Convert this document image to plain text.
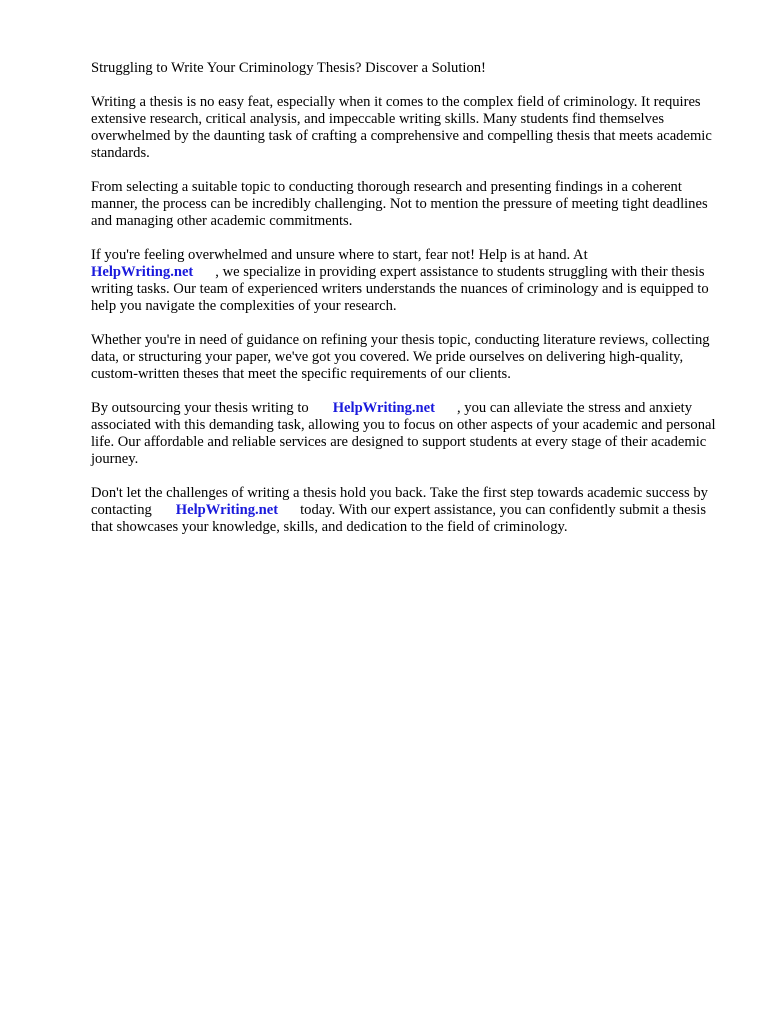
Struggling to Write Your Criminology Thesis? Discover a Solution!

Writing a thesis is no easy feat, especially when it comes to the complex field of criminology. It requires extensive research, critical analysis, and impeccable writing skills. Many students find themselves overwhelmed by the daunting task of crafting a comprehensive and compelling thesis that meets academic standards.

From selecting a suitable topic to conducting thorough research and presenting findings in a coherent manner, the process can be incredibly challenging. Not to mention the pressure of meeting tight deadlines and managing other academic commitments.

If you're feeling overwhelmed and unsure where to start, fear not! Help is at hand. At
HelpWriting.net , we specialize in providing expert assistance to students struggling with their thesis writing tasks. Our team of experienced writers understands the nuances of criminology and is equipped to help you navigate the complexities of your research.

Whether you're in need of guidance on refining your thesis topic, conducting literature reviews, collecting data, or structuring your paper, we've got you covered. We pride ourselves on delivering high-quality, custom-written theses that meet the specific requirements of our clients.

By outsourcing your thesis writing to HelpWriting.net , you can alleviate the stress and anxiety associated with this demanding task, allowing you to focus on other aspects of your academic and personal life. Our affordable and reliable services are designed to support students at every stage of their academic journey.

Don't let the challenges of writing a thesis hold you back. Take the first step towards academic success by contacting HelpWriting.net today. With our expert assistance, you can confidently submit a thesis that showcases your knowledge, skills, and dedication to the field of criminology.
